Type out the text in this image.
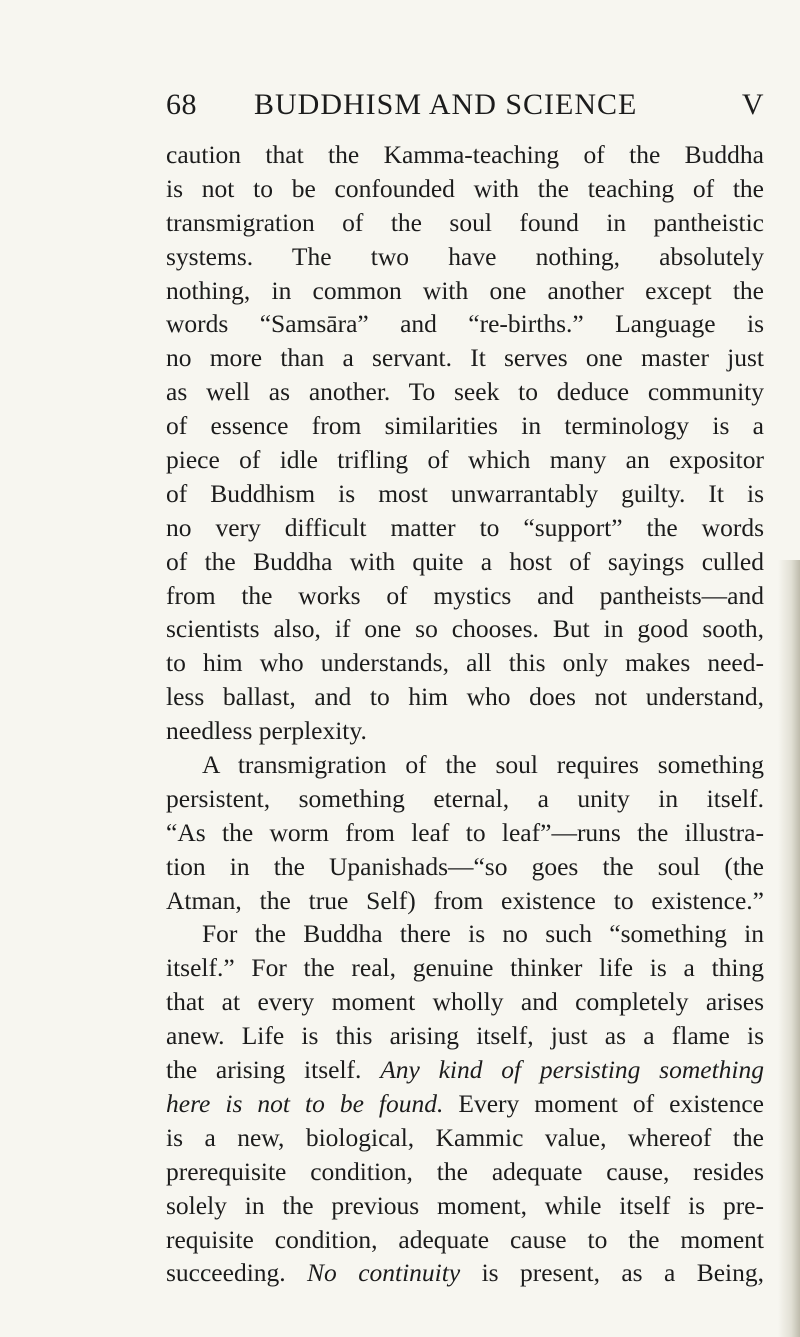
68 BUDDHISM AND SCIENCE	V
caution that the Kamma-teaching of the Buddha
is not to be confounded with the teaching of the
transmigration of the soul found in pantheistic
systems. The two have nothing, absolutely
nothing, in common with one another except the
words “Samsāra” and “re-births.” Language is
no more than a servant. It serves one master just
as well as another. To seek to deduce community
of essence from similarities in terminology is a
piece of idle trifling of which many an expositor
of Buddhism is most unwarrantably guilty. It is
no very difficult matter to “support” the words
of the Buddha with quite a host of sayings culled
from the works of mystics and pantheists—and
scientists also, if one so chooses. But in good sooth,
to him who understands, all this only makes need-
less ballast, and to him who does not understand,
needless perplexity.
A transmigration of the soul requires something
persistent, something eternal, a unity in itself.
“As the worm from leaf to leaf”—runs the illustra-
tion in the Upanishads—“so goes the soul (the
Atman, the true Self) from existence to existence.”
For the Buddha there is no such “something in
itself.” For the real, genuine thinker life is a thing
that at every moment wholly and completely arises
anew. Life is this arising itself, just as a flame is
the arising itself. Any kind of persisting something
here is not to be found. Every moment of existence
is a new, biological, Kammic value, whereof the
prerequisite condition, the adequate cause, resides
solely in the previous moment, while itself is pre-
requisite condition, adequate cause to the moment
succeeding. No continuity is present, as a Being,
